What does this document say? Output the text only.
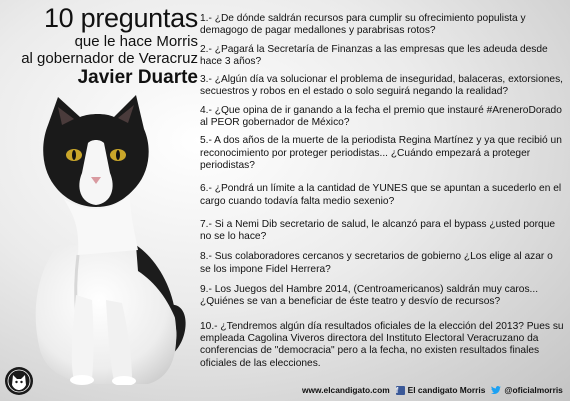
10 preguntas
que le hace Morris
al gobernador de Veracruz
Javier Duarte

1.- ¿De dónde saldrán recursos para cumplir su ofrecimiento populista y demagogo de pagar medallones y parabrisas rotos?

2.- ¿Pagará la Secretaría de Finanzas a las empresas que les adeuda desde hace 3 años?

3.- ¿Algún día va solucionar el problema de inseguridad, balaceras, extorsiones, secuestros y robos en el estado o solo seguirá negando la realidad?

4.- ¿Que opina de ir ganando a la fecha el premio que instauré #AreneroDorado al PEOR gobernador de México?

5.- A dos años de la muerte de la periodista Regina Martínez y ya que recibió un reconocimiento por proteger periodistas... ¿Cuándo empezará a proteger periodistas?

6.- ¿Pondrá un límite a la cantidad de YUNES que se apuntan a sucederlo en el cargo cuando todavía falta medio sexenio?

7.- Si a Nemi Dib secretario de salud, le alcanzó para el bypass ¿usted porque no se lo hace?

8.- Sus colaboradores cercanos y secretarios de gobierno ¿Los elige al azar o se los impone Fidel Herrera?

9.- Los Juegos del Hambre 2014, (Centroamericanos) saldrán muy caros... ¿Quiénes se van a beneficiar de éste teatro y desvío de recursos?

10.- ¿Tendremos algún día resultados oficiales de la elección del 2013? Pues su empleada Cagolina Viveros directora del Instituto Electoral Veracruzano da conferencias de "democracia" pero a la fecha, no existen resultados finales oficiales de las elecciones.

www.elcandigato.com f	El candigato Morris @oficialmorris
